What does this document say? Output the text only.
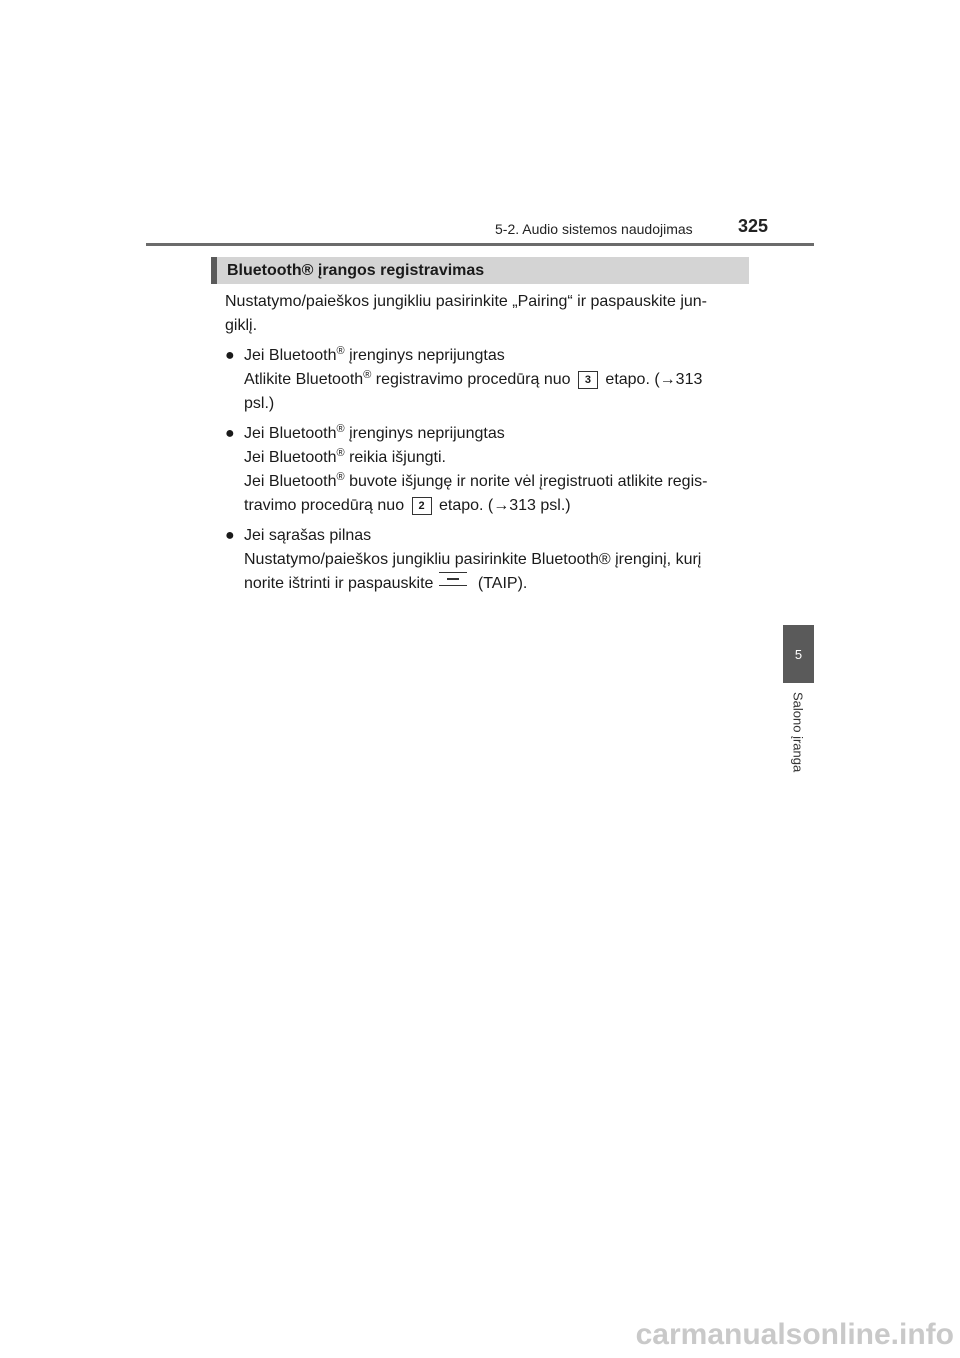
5-2. Audio sistemos naudojimas	325
Bluetooth® įrangos registravimas

Nustatymo/paieškos jungikliu pasirinkite „Pairing“ ir paspauskite jun-
giklį.

● Jei Bluetooth® įrenginys neprijungtas
Atlikite Bluetooth® registravimo procedūrą nuo 3 etapo. (→313
psl.)
● Jei Bluetooth® įrenginys neprijungtas
Jei Bluetooth® reikia išjungti.
Jei Bluetooth® buvote išjungę ir norite vėl įregistruoti atlikite regis-
travimo procedūrą nuo 2 etapo. (→313 psl.)
● Jei sąrašas pilnas
Nustatymo/paieškos jungikliu pasirinkite Bluetooth® įrenginį, kurį
norite ištrinti ir paspauskite	(TAIP).
5
Salono įranga
carmanualsonline.info
